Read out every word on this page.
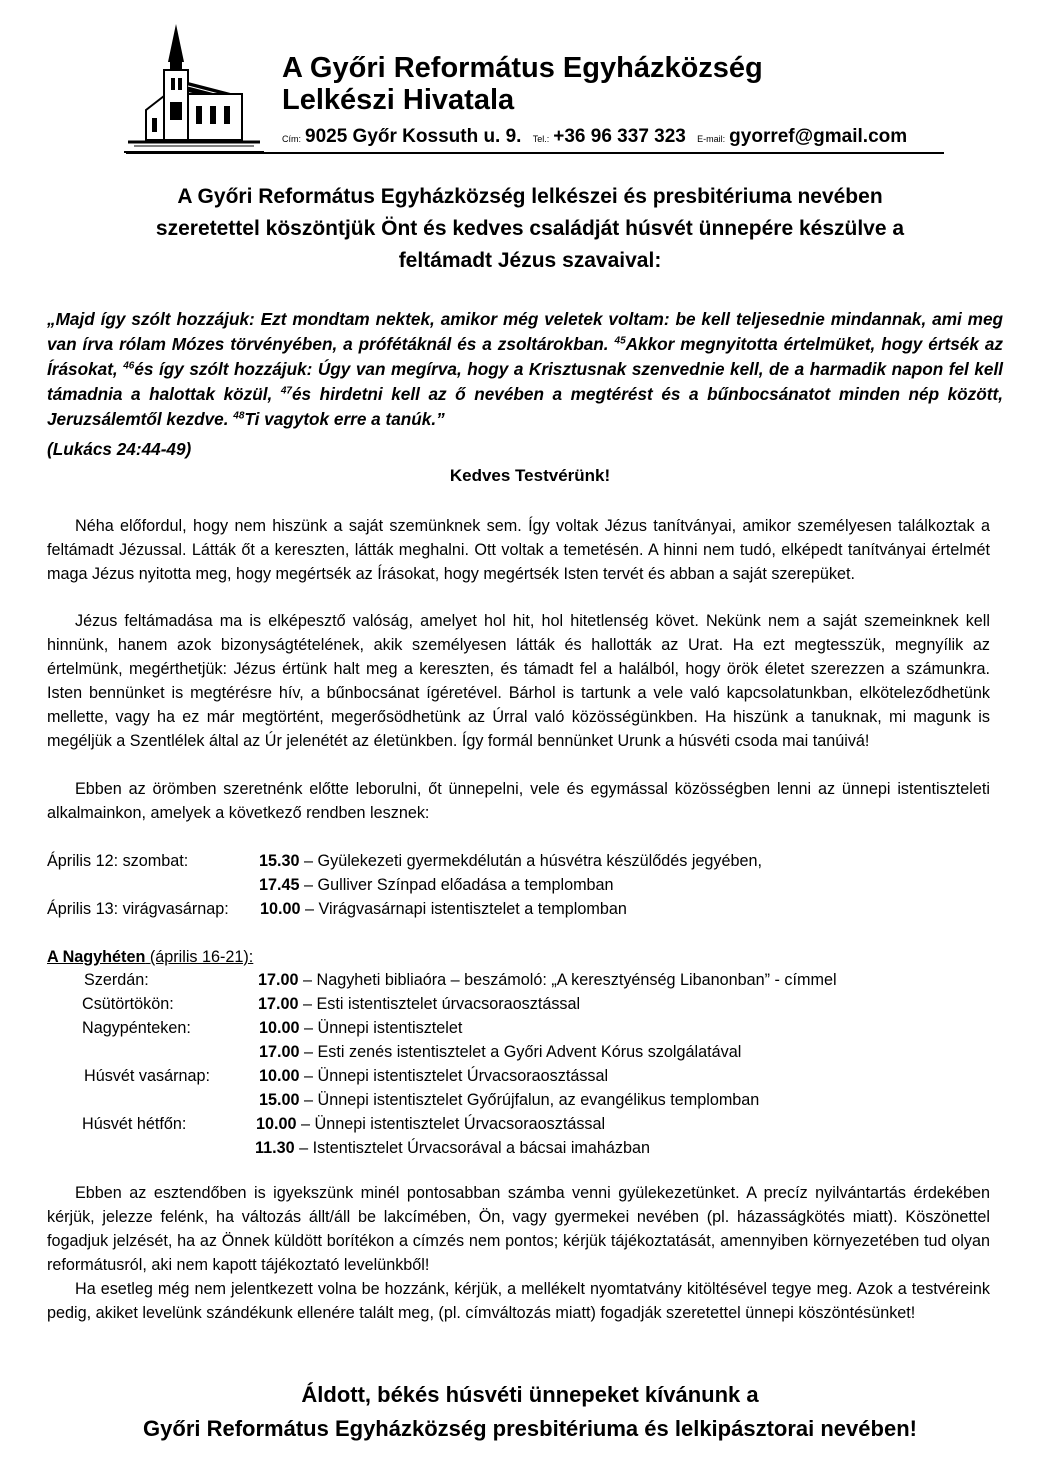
A Győri Református Egyházközség
Lelkészi Hivatala
$^{Cím:}$ 9025 Győr Kossuth u. 9. $^{Tel.:}$ +36 96 337 323 $^{E-mail:}$ gyorref@gmail.com
A Győri Református Egyházközség lelkészei és presbitériuma nevében
szeretettel köszöntjük Önt és kedves családját húsvét ünnepére készülve a
feltámadt Jézus szavaival:
„Majd így szólt hozzájuk: Ezt mondtam nektek, amikor még veletek voltam: be kell teljesednie mindannak, ami meg van írva rólam Mózes törvényében, a prófétáknál és a zsoltárokban. $^{45}$Akkor megnyitotta értelmüket, hogy értsék az Írásokat, $^{46}$és így szólt hozzájuk: Úgy van megírva, hogy a Krisztusnak szenvednie kell, de a harmadik napon fel kell támadnia a halottak közül, $^{47}$és hirdetni kell az ő nevében a megtérést és a bűnbocsánatot minden nép között, Jeruzsálemtől kezdve. $^{48}$Ti vagytok erre a tanúk.”
(Lukács 24:44-49)
Kedves Testvérünk!
Néha előfordul, hogy nem hiszünk a saját szemünknek sem. Így voltak Jézus tanítványai, amikor személyesen találkoztak a feltámadt Jézussal. Látták őt a kereszten, látták meghalni. Ott voltak a temetésén. A hinni nem tudó, elképedt tanítványai értelmét maga Jézus nyitotta meg, hogy megértsék az Írásokat, hogy megértsék Isten tervét és abban a saját szerepüket.
Jézus feltámadása ma is elképesztő valóság, amelyet hol hit, hol hitetlenség követ. Nekünk nem a saját szemeinknek kell hinnünk, hanem azok bizonyságtételének, akik személyesen látták és hallották az Urat. Ha ezt megtesszük, megnyílik az értelmünk, megérthetjük: Jézus értünk halt meg a kereszten, és támadt fel a halálból, hogy örök életet szerezzen a számunkra. Isten bennünket is megtérésre hív, a bűnbocsánat ígéretével. Bárhol is tartunk a vele való kapcsolatunkban, elköteleződhetünk mellette, vagy ha ez már megtörtént, megerősödhetünk az Úrral való közösségünkben. Ha hiszünk a tanuknak, mi magunk is megéljük a Szentlélek által az Úr jelenétét az életünkben. Így formál bennünket Urunk a húsvéti csoda mai tanúivá!
Ebben az örömben szeretnénk előtte leborulni, őt ünnepelni, vele és egymással közösségben lenni az ünnepi istentiszteleti alkalmainkon, amelyek a következő rendben lesznek:
Április 12: szombat:	15.30 – Gyülekezeti gyermekdélután a húsvétra készülődés jegyében,
17.45 – Gulliver Színpad előadása a templomban
Április 13: virágvasárnap: 10.00 – Virágvasárnapi istentisztelet a templomban
A Nagyhéten (április 16-21):
Szerdán:	17.00 – Nagyheti bibliaóra – beszámoló: „A keresztyénség Libanonban” - címmel
Csütörtökön:	17.00 – Esti istentisztelet úrvacsoraosztással
Nagypénteken:	10.00 – Ünnepi istentisztelet
17.00 – Esti zenés istentisztelet a Győri Advent Kórus szolgálatával
Húsvét vasárnap:	10.00 – Ünnepi istentisztelet Úrvacsoraosztással
15.00 – Ünnepi istentisztelet Győrújfalun, az evangélikus templomban
Húsvét hétfőn:	10.00 – Ünnepi istentisztelet Úrvacsoraosztással
11.30 – Istentisztelet Úrvacsorával a bácsai imaházban
Ebben az esztendőben is igyekszünk minél pontosabban számba venni gyülekezetünket. A precíz nyilvántartás érdekében kérjük, jelezze felénk, ha változás állt/áll be lakcímében, Ön, vagy gyermekei nevében (pl. házasságkötés miatt). Köszönettel fogadjuk jelzését, ha az Önnek küldött borítékon a címzés nem pontos; kérjük tájékoztatását, amennyiben környezetében tud olyan reformátusról, aki nem kapott tájékoztató levelünkből!
Ha esetleg még nem jelentkezett volna be hozzánk, kérjük, a mellékelt nyomtatvány kitöltésével tegye meg. Azok a testvéreink pedig, akiket levelünk szándékunk ellenére talált meg, (pl. címváltozás miatt) fogadják szeretettel ünnepi köszöntésünket!
Áldott, békés húsvéti ünnepeket kívánunk a
Győri Református Egyházközség presbitériuma és lelkipásztorai nevében!
